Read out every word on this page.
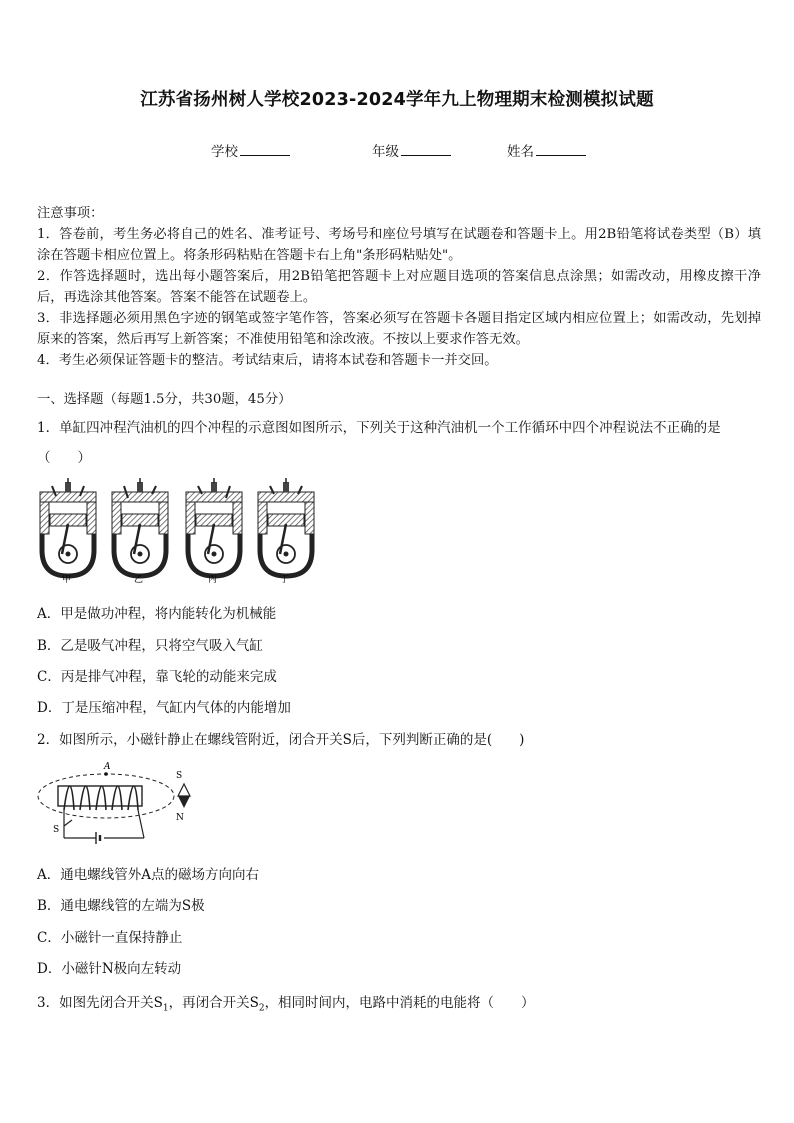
江苏省扬州树人学校2023-2024学年九上物理期末检测模拟试题
学校	年级	姓名

注意事项：

1．答卷前，考生务必将自己的姓名、准考证号、考场号和座位号填写在试题卷和答题卡上。用2B铅笔将试卷类型（B）填涂在答题卡相应位置上。将条形码粘贴在答题卡右上角"条形码粘贴处"。

2．作答选择题时，选出每小题答案后，用2B铅笔把答题卡上对应题目选项的答案信息点涂黑；如需改动，用橡皮擦干净后，再选涂其他答案。答案不能答在试题卷上。

3．非选择题必须用黑色字迹的钢笔或签字笔作答，答案必须写在答题卡各题目指定区域内相应位置上；如需改动，先划掉原来的答案，然后再写上新答案；不准使用铅笔和涂改液。不按以上要求作答无效。

4．考生必须保证答题卡的整洁。考试结束后，请将本试卷和答题卡一并交回。

一、选择题（每题1.5分，共30题，45分）
1．单缸四冲程汽油机的四个冲程的示意图如图所示，下列关于这种汽油机一个工作循环中四个冲程说法不正确的是
（　　）
甲	乙	丙	丁
A．甲是做功冲程，将内能转化为机械能
B．乙是吸气冲程，只将空气吸入气缸
C．丙是排气冲程，靠飞轮的动能来完成
D．丁是压缩冲程，气缸内气体的内能增加
2．如图所示，小磁针静止在螺线管附近，闭合开关S后，下列判断正确的是(　　)
A
S
S
N
A．通电螺线管外A点的磁场方向向右
B．通电螺线管的左端为S极
C．小磁针一直保持静止
D．小磁针N极向左转动
3．如图先闭合开关$S_1$，再闭合开关$S_2$，相同时间内，电路中消耗的电能将（　　）
